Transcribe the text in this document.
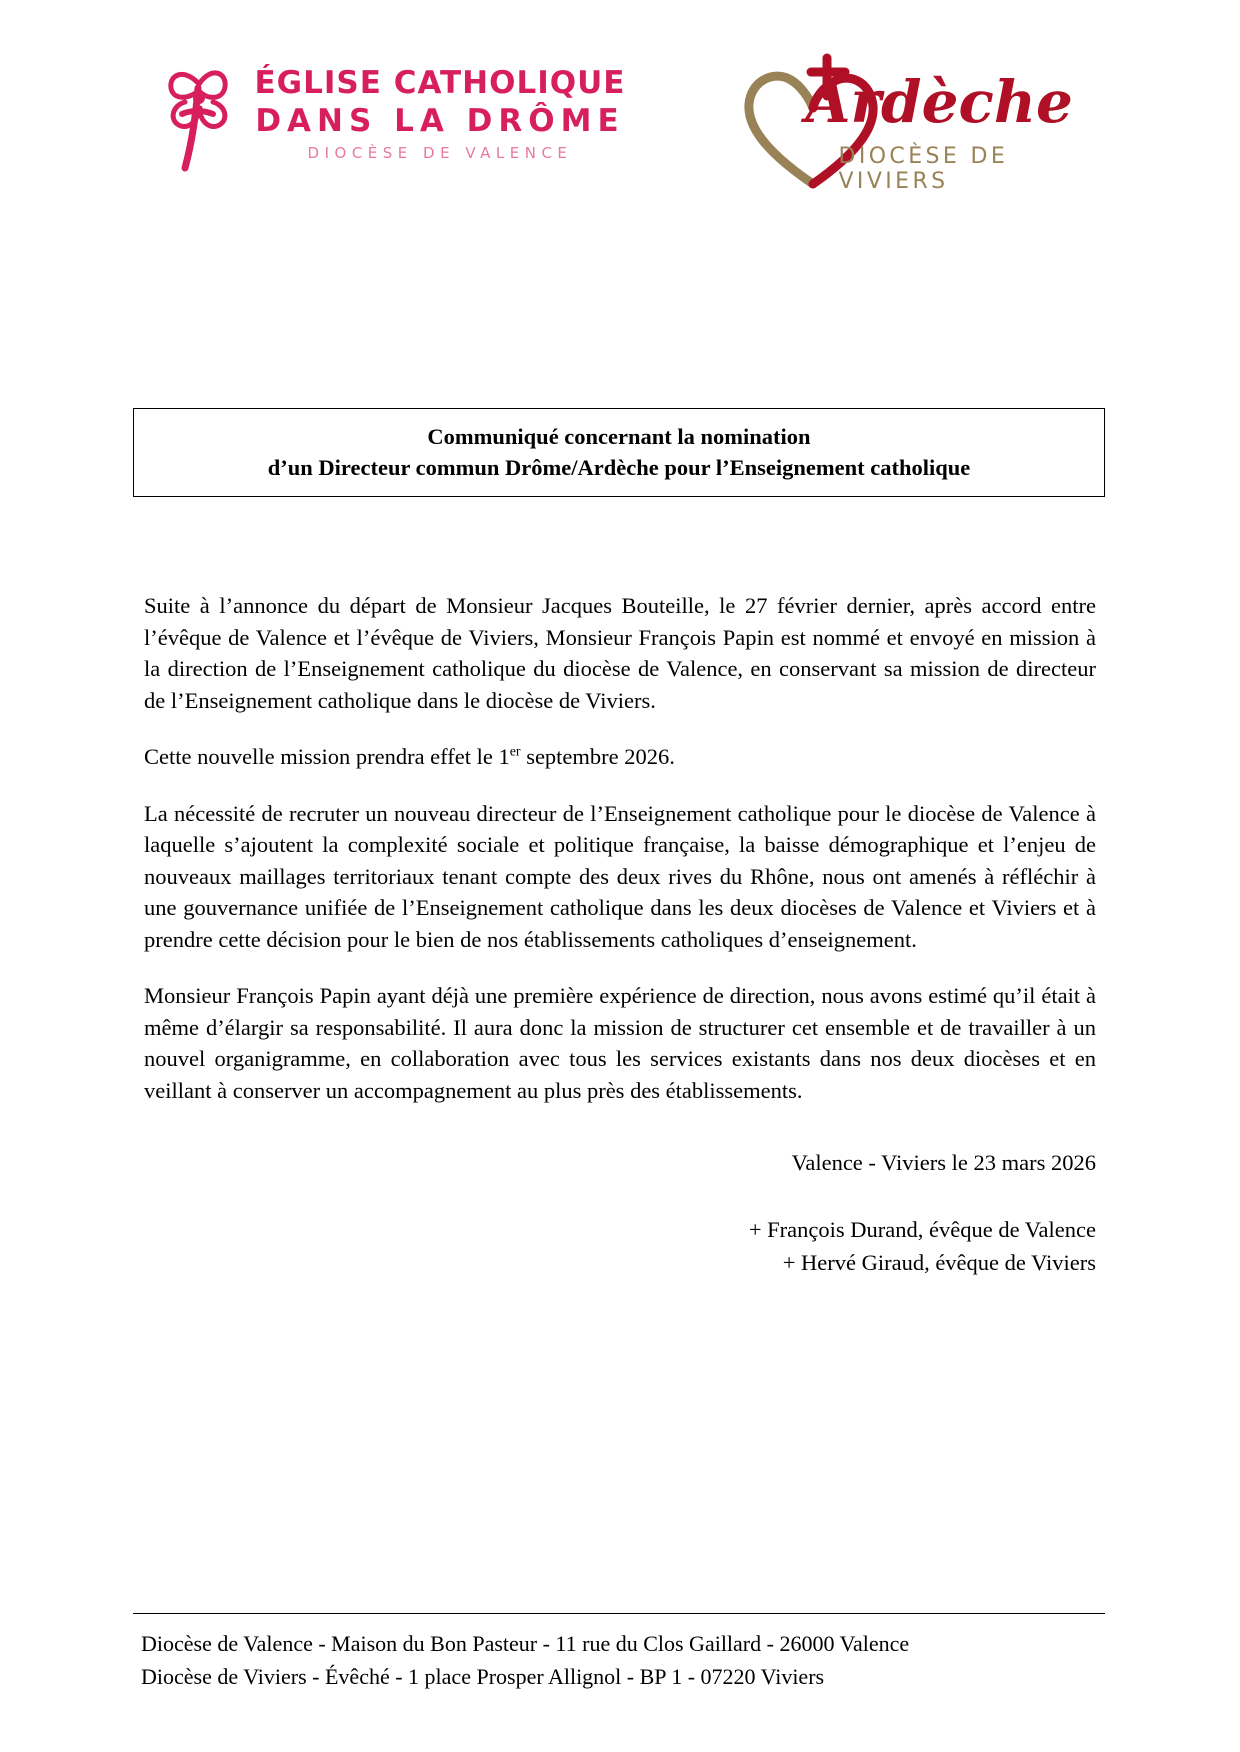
ÉGLISE CATHOLIQUE
DANS LA DRÔME
DIOCÈSE DE VALENCE
Ardèche
DIOCÈSE DE VIVIERS
Communiqué concernant la nomination
d’un Directeur commun Drôme/Ardèche pour l’Enseignement catholique

Suite à l’annonce du départ de Monsieur Jacques Bouteille, le 27 février dernier, après accord entre l’évêque de Valence et l’évêque de Viviers, Monsieur François Papin est nommé et envoyé en mission à la direction de l’Enseignement catholique du diocèse de Valence, en conservant sa mission de directeur de l’Enseignement catholique dans le diocèse de Viviers.

Cette nouvelle mission prendra effet le 1er septembre 2026.

La nécessité de recruter un nouveau directeur de l’Enseignement catholique pour le diocèse de Valence à laquelle s’ajoutent la complexité sociale et politique française, la baisse démographique et l’enjeu de nouveaux maillages territoriaux tenant compte des deux rives du Rhône, nous ont amenés à réfléchir à une gouvernance unifiée de l’Enseignement catholique dans les deux diocèses de Valence et Viviers et à prendre cette décision pour le bien de nos établissements catholiques d’enseignement.

Monsieur François Papin ayant déjà une première expérience de direction, nous avons estimé qu’il était à même d’élargir sa responsabilité. Il aura donc la mission de structurer cet ensemble et de travailler à un nouvel organigramme, en collaboration avec tous les services existants dans nos deux diocèses et en veillant à conserver un accompagnement au plus près des établissements.

Valence - Viviers le 23 mars 2026
+ François Durand, évêque de Valence
+ Hervé Giraud, évêque de Viviers
Diocèse de Valence - Maison du Bon Pasteur - 11 rue du Clos Gaillard - 26000 Valence
Diocèse de Viviers - Évêché - 1 place Prosper Allignol - BP 1 - 07220 Viviers
